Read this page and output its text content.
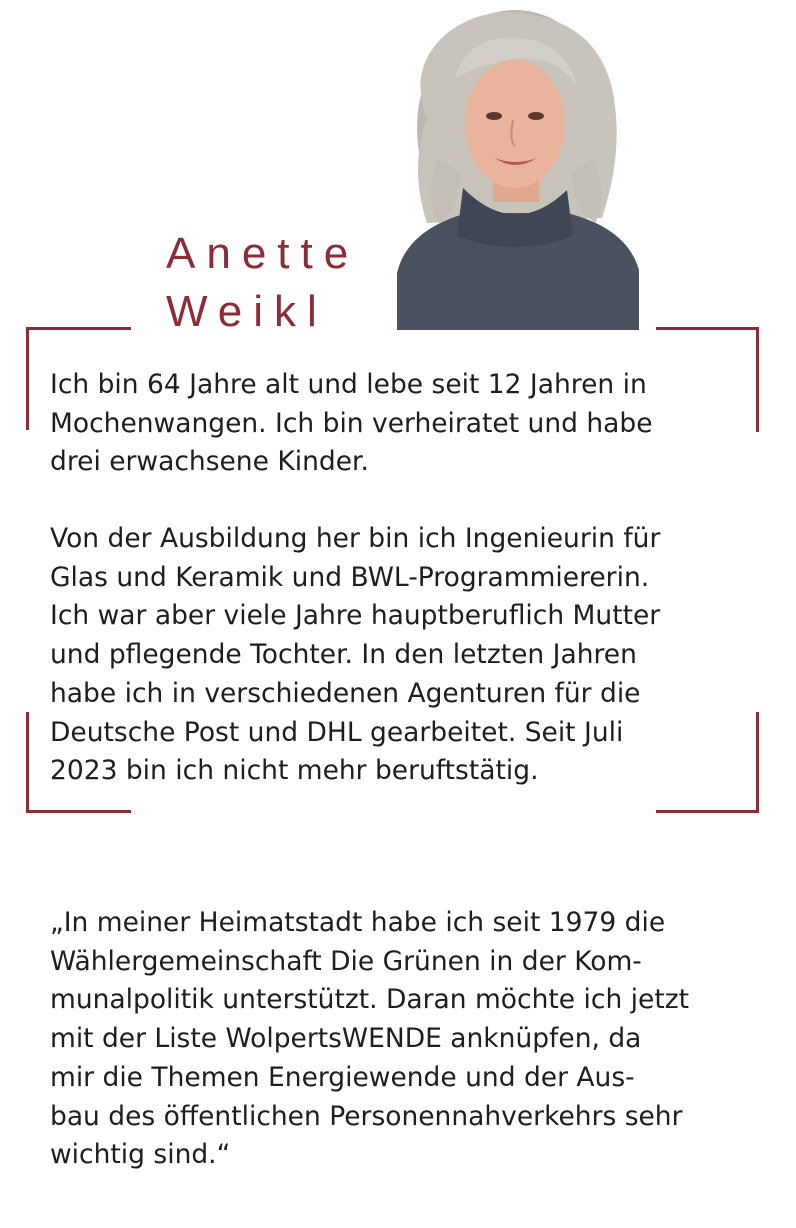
Anette
Weikl

Ich bin 64 Jahre alt und lebe seit 12 Jahren in
Mochenwangen. Ich bin verheiratet und habe
drei erwachsene Kinder.

Von der Ausbildung her bin ich Ingenieurin für
Glas und Keramik und BWL-Programmiererin.
Ich war aber viele Jahre hauptberuflich Mutter
und pflegende Tochter. In den letzten Jahren
habe ich in verschiedenen Agenturen für die
Deutsche Post und DHL gearbeitet. Seit Juli
2023 bin ich nicht mehr beruftstätig.

„In meiner Heimatstadt habe ich seit 1979 die
Wählergemeinschaft Die Grünen in der Kom-
munalpolitik unterstützt. Daran möchte ich jetzt
mit der Liste WolpertsWENDE anknüpfen, da
mir die Themen Energiewende und der Aus-
bau des öffentlichen Personennahverkehrs sehr
wichtig sind.“
